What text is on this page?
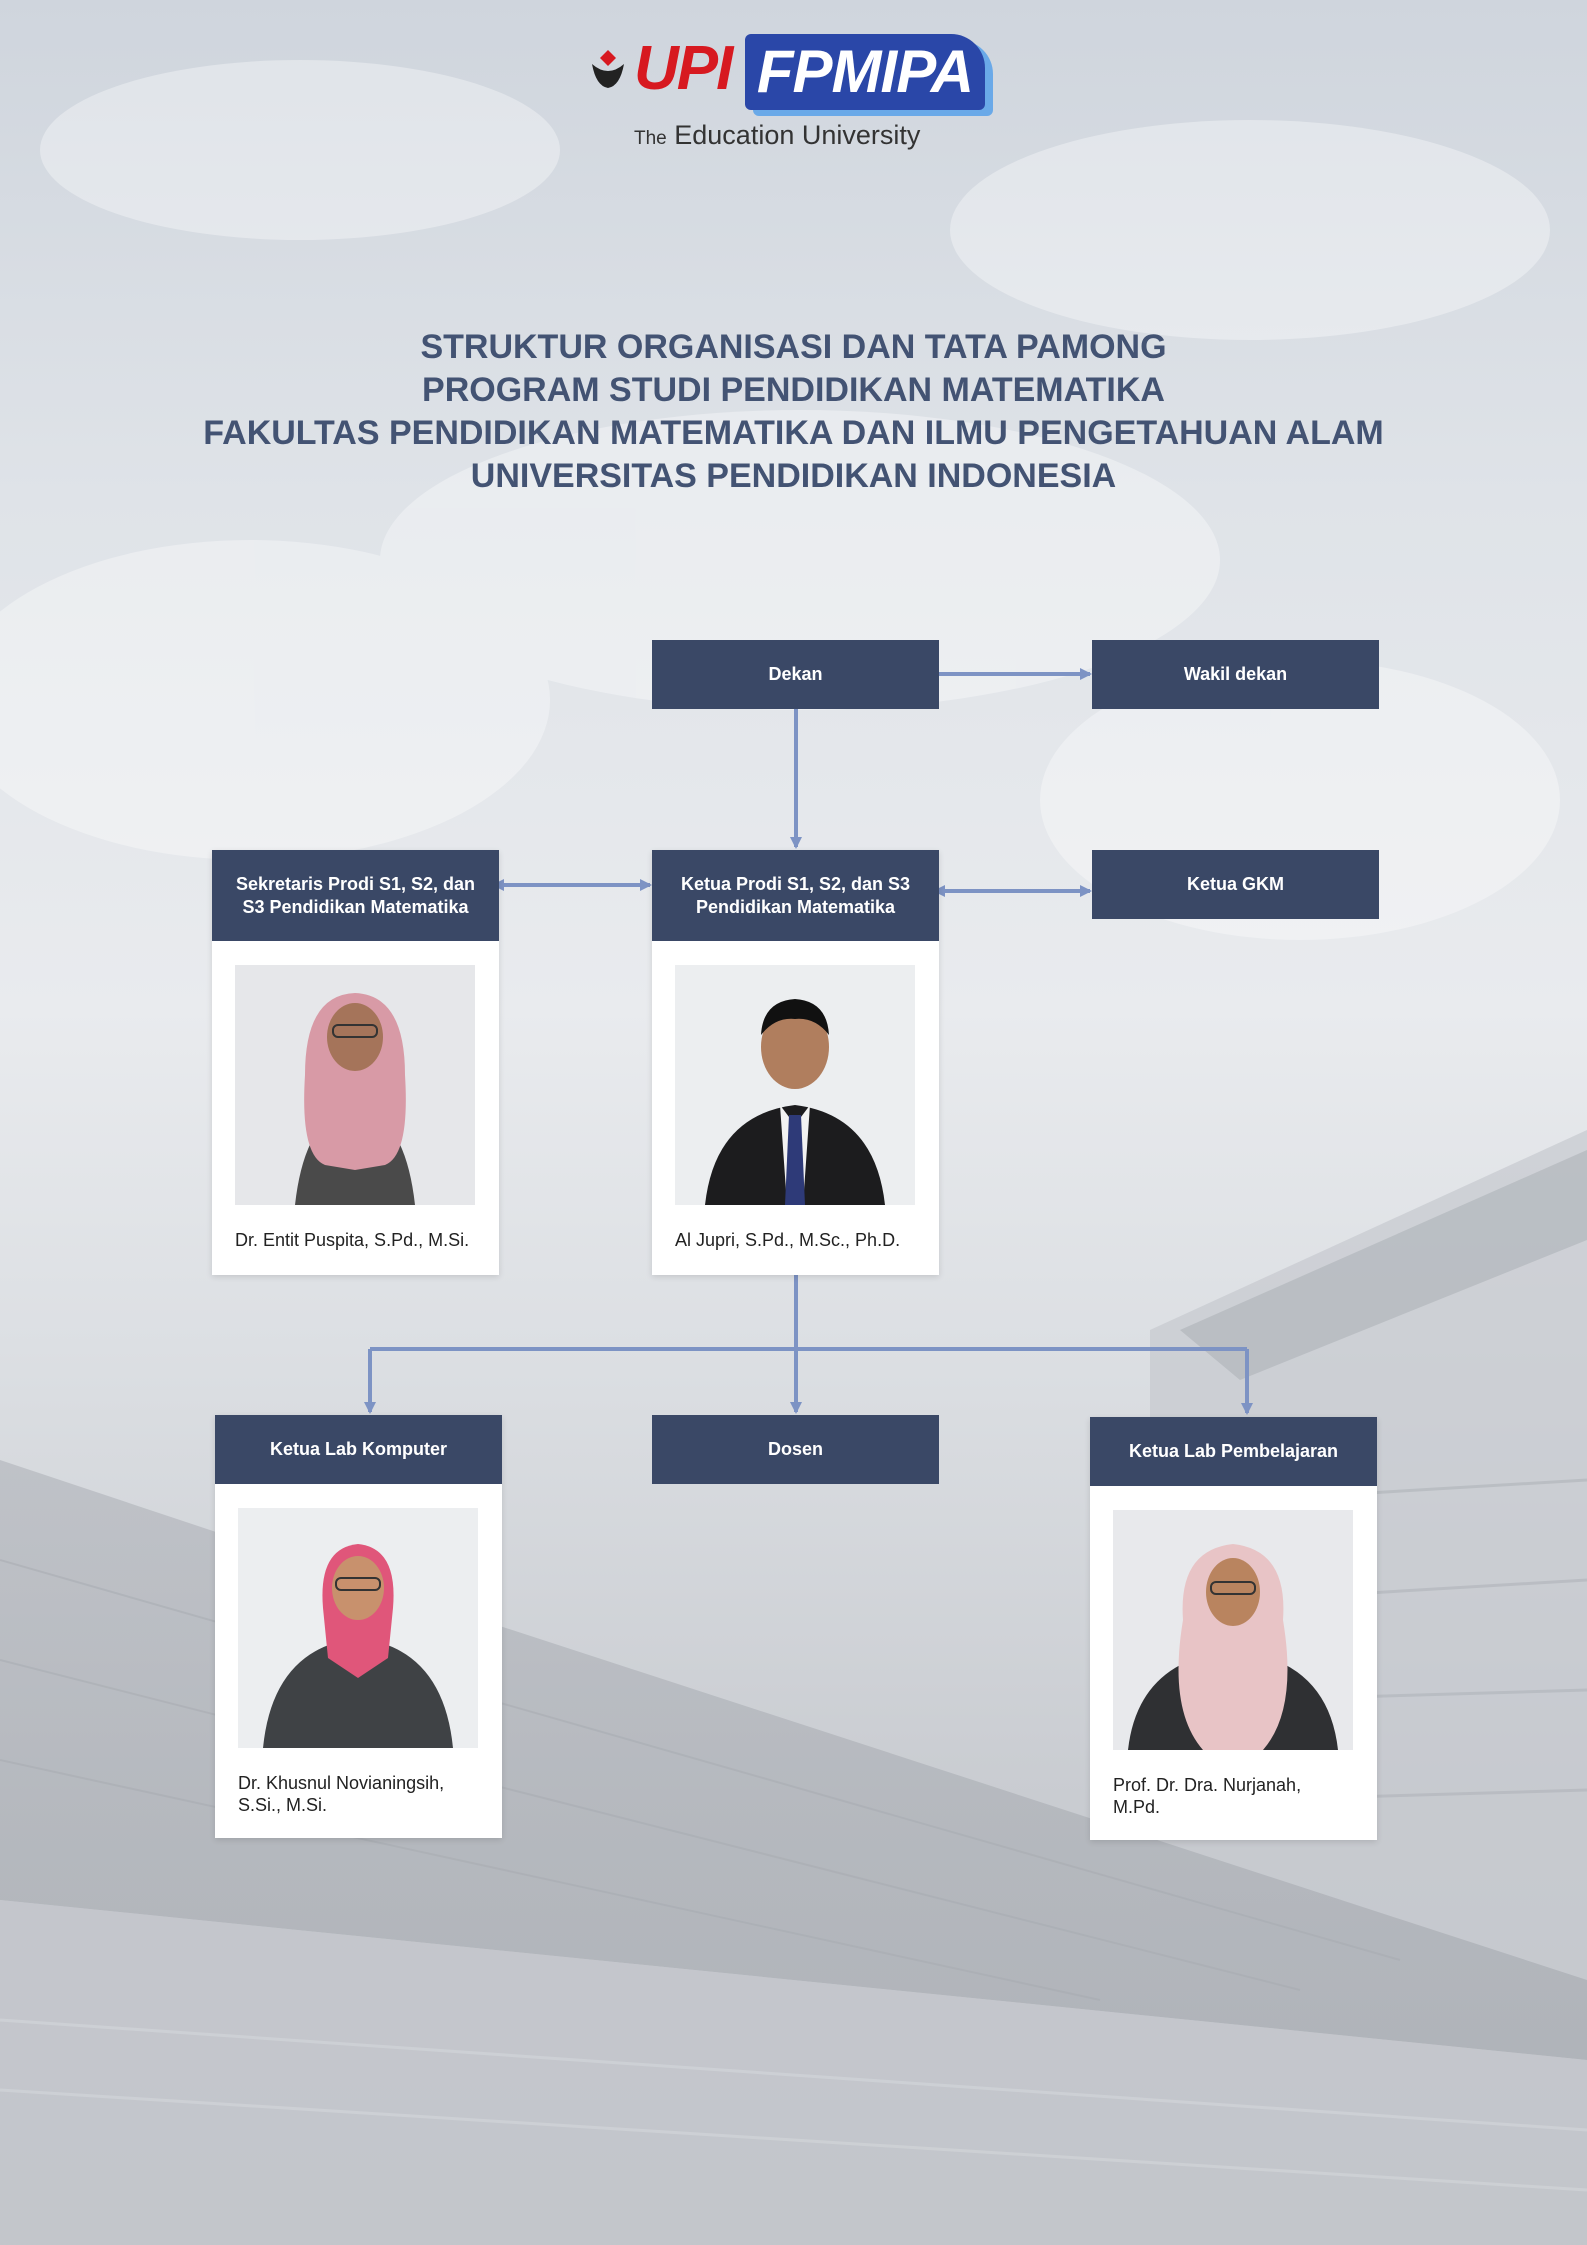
UPI FPMIPA
The Education University
STRUKTUR ORGANISASI DAN TATA PAMONG
PROGRAM STUDI PENDIDIKAN MATEMATIKA
FAKULTAS PENDIDIKAN MATEMATIKA DAN ILMU PENGETAHUAN ALAM
UNIVERSITAS PENDIDIKAN INDONESIA
Dekan	Wakil dekan
Sekretaris Prodi S1, S2, dan S3 Pendidikan Matematika
Dr. Entit Puspita, S.Pd., M.Si.
Ketua Prodi S1, S2, dan S3 Pendidikan Matematika
Al Jupri, S.Pd., M.Sc., Ph.D.
Ketua GKM
Ketua Lab Komputer
Dr. Khusnul Novianingsih, S.Si., M.Si.
Dosen	Ketua Lab Pembelajaran
Prof. Dr. Dra. Nurjanah, M.Pd.
